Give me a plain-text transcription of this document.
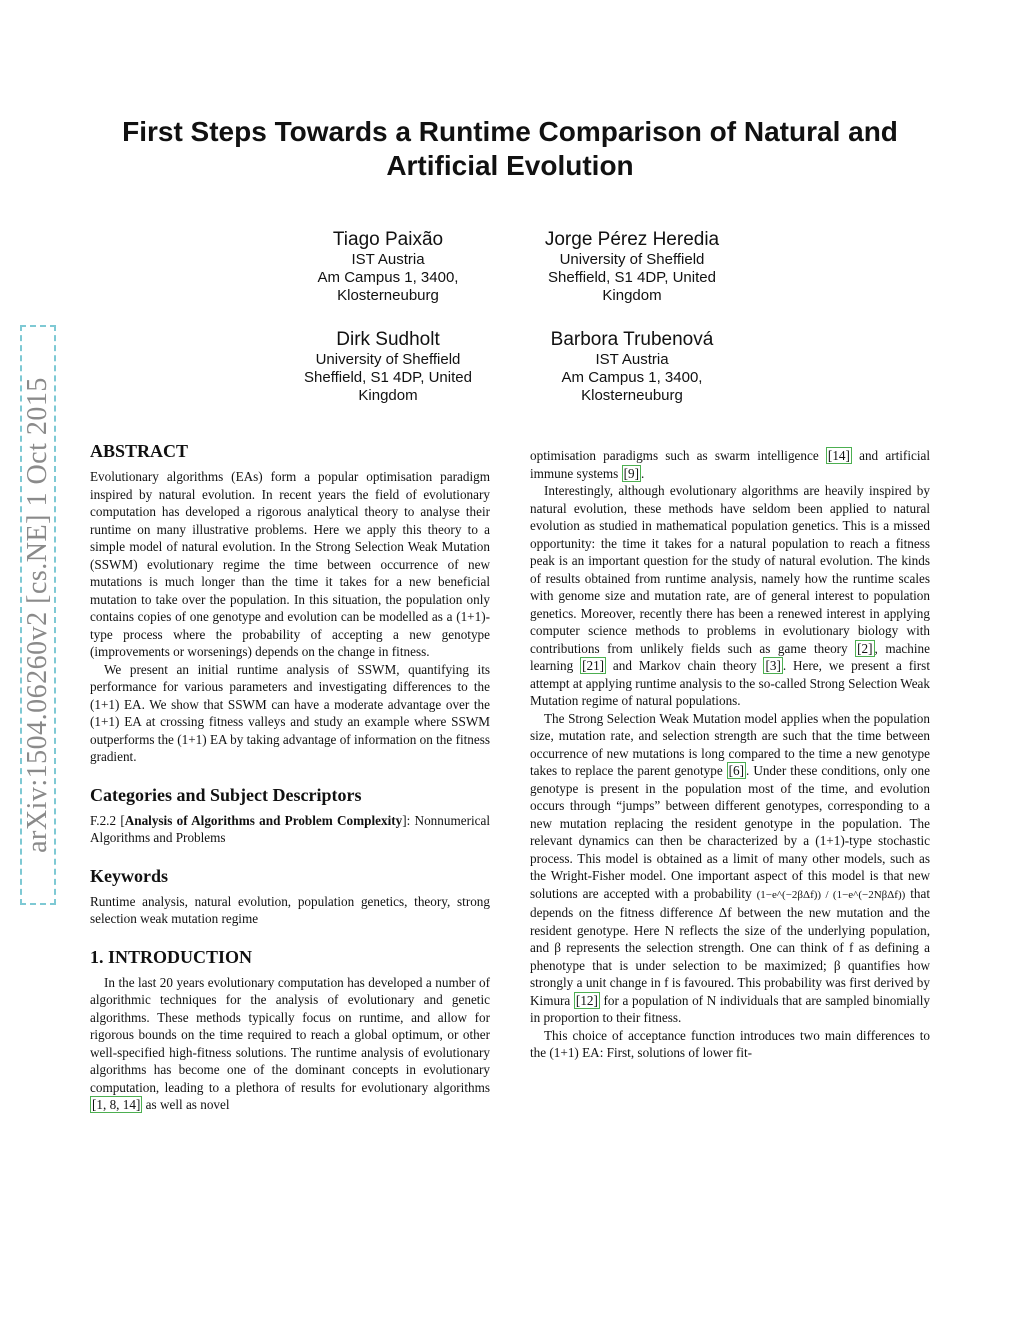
arXiv:1504.06260v2 [cs.NE] 1 Oct 2015
First Steps Towards a Runtime Comparison of Natural and Artificial Evolution
Tiago Paixão
IST Austria
Am Campus 1, 3400,
Klosterneuburg
Jorge Pérez Heredia
University of Sheffield
Sheffield, S1 4DP, United
Kingdom
Dirk Sudholt
University of Sheffield
Sheffield, S1 4DP, United
Kingdom
Barbora Trubenová
IST Austria
Am Campus 1, 3400,
Klosterneuburg
ABSTRACT

Evolutionary algorithms (EAs) form a popular optimisation paradigm inspired by natural evolution. In recent years the field of evolutionary computation has developed a rigorous analytical theory to analyse their runtime on many illustrative problems. Here we apply this theory to a simple model of natural evolution. In the Strong Selection Weak Mutation (SSWM) evolutionary regime the time between occurrence of new mutations is much longer than the time it takes for a new beneficial mutation to take over the population. In this situation, the population only contains copies of one genotype and evolution can be modelled as a (1+1)-type process where the probability of accepting a new genotype (improvements or worsenings) depends on the change in fitness.

We present an initial runtime analysis of SSWM, quantifying its performance for various parameters and investigating differences to the (1+1) EA. We show that SSWM can have a moderate advantage over the (1+1) EA at crossing fitness valleys and study an example where SSWM outperforms the (1+1) EA by taking advantage of information on the fitness gradient.

Categories and Subject Descriptors

F.2.2 [Analysis of Algorithms and Problem Complexity]: Nonnumerical Algorithms and Problems

Keywords

Runtime analysis, natural evolution, population genetics, theory, strong selection weak mutation regime

1. INTRODUCTION

In the last 20 years evolutionary computation has developed a number of algorithmic techniques for the analysis of evolutionary and genetic algorithms. These methods typically focus on runtime, and allow for rigorous bounds on the time required to reach a global optimum, or other well-specified high-fitness solutions. The runtime analysis of evolutionary algorithms has become one of the dominant concepts in evolutionary computation, leading to a plethora of results for evolutionary algorithms [1, 8, 14] as well as novel

optimisation paradigms such as swarm intelligence [14] and artificial immune systems [9] .

Interestingly, although evolutionary algorithms are heavily inspired by natural evolution, these methods have seldom been applied to natural evolution as studied in mathematical population genetics. This is a missed opportunity: the time it takes for a natural population to reach a fitness peak is an important question for the study of natural evolution. The kinds of results obtained from runtime analysis, namely how the runtime scales with genome size and mutation rate, are of general interest to population genetics. Moreover, recently there has been a renewed interest in applying computer science methods to problems in evolutionary biology with contributions from unlikely fields such as game theory [2] , machine learning [21] and Markov chain theory [3] . Here, we present a first attempt at applying runtime analysis to the so-called Strong Selection Weak Mutation regime of natural populations.

The Strong Selection Weak Mutation model applies when the population size, mutation rate, and selection strength are such that the time between occurrence of new mutations is long compared to the time a new genotype takes to replace the parent genotype [6] . Under these conditions, only one genotype is present in the population most of the time, and evolution occurs through “jumps” between different genotypes, corresponding to a new mutation replacing the resident genotype in the population. The relevant dynamics can then be characterized by a (1+1)-type stochastic process. This model is obtained as a limit of many other models, such as the Wright-Fisher model. One important aspect of this model is that new solutions are accepted with a probability (1−e^(−2βΔf)) / (1−e^(−2NβΔf)) that depends on the fitness difference Δf between the new mutation and the resident genotype. Here N reflects the size of the underlying population, and β represents the selection strength. One can think of f as defining a phenotype that is under selection to be maximized; β quantifies how strongly a unit change in f is favoured. This probability was first derived by Kimura [12] for a population of N individuals that are sampled binomially in proportion to their fitness.

This choice of acceptance function introduces two main differences to the (1+1) EA: First, solutions of lower fit-
